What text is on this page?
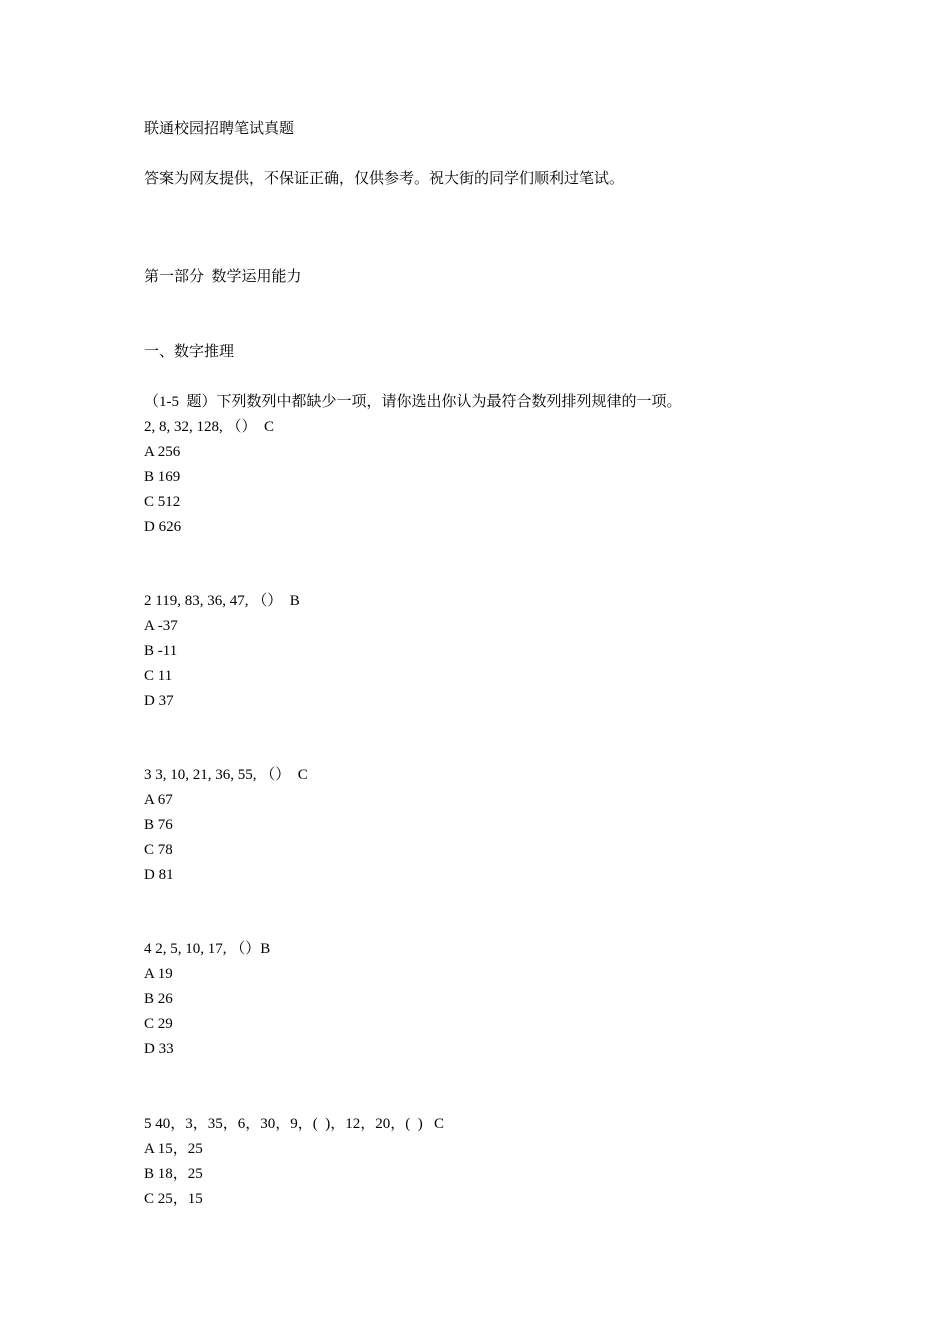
联通校园招聘笔试真题
答案为网友提供，不保证正确，仅供参考。祝大街的同学们顺利过笔试。
第一部分  数学运用能力
一、数字推理
（1-5  题）下列数列中都缺少一项，请你选出你认为最符合数列排列规律的一项。
2, 8, 32, 128, （）  C
A 256
B 169
C 512
D 626
2 119, 83, 36, 47, （）  B
A -37
B -11
C 11
D 37
3 3, 10, 21, 36, 55, （）  C
A 67
B 76
C 78
D 81
4 2, 5, 10, 17, （）B
A 19
B 26
C 29
D 33
5 40，3，35，6，30，9，(  )，12，20，(  )   C
A 15，25
B 18，25
C 25，15
